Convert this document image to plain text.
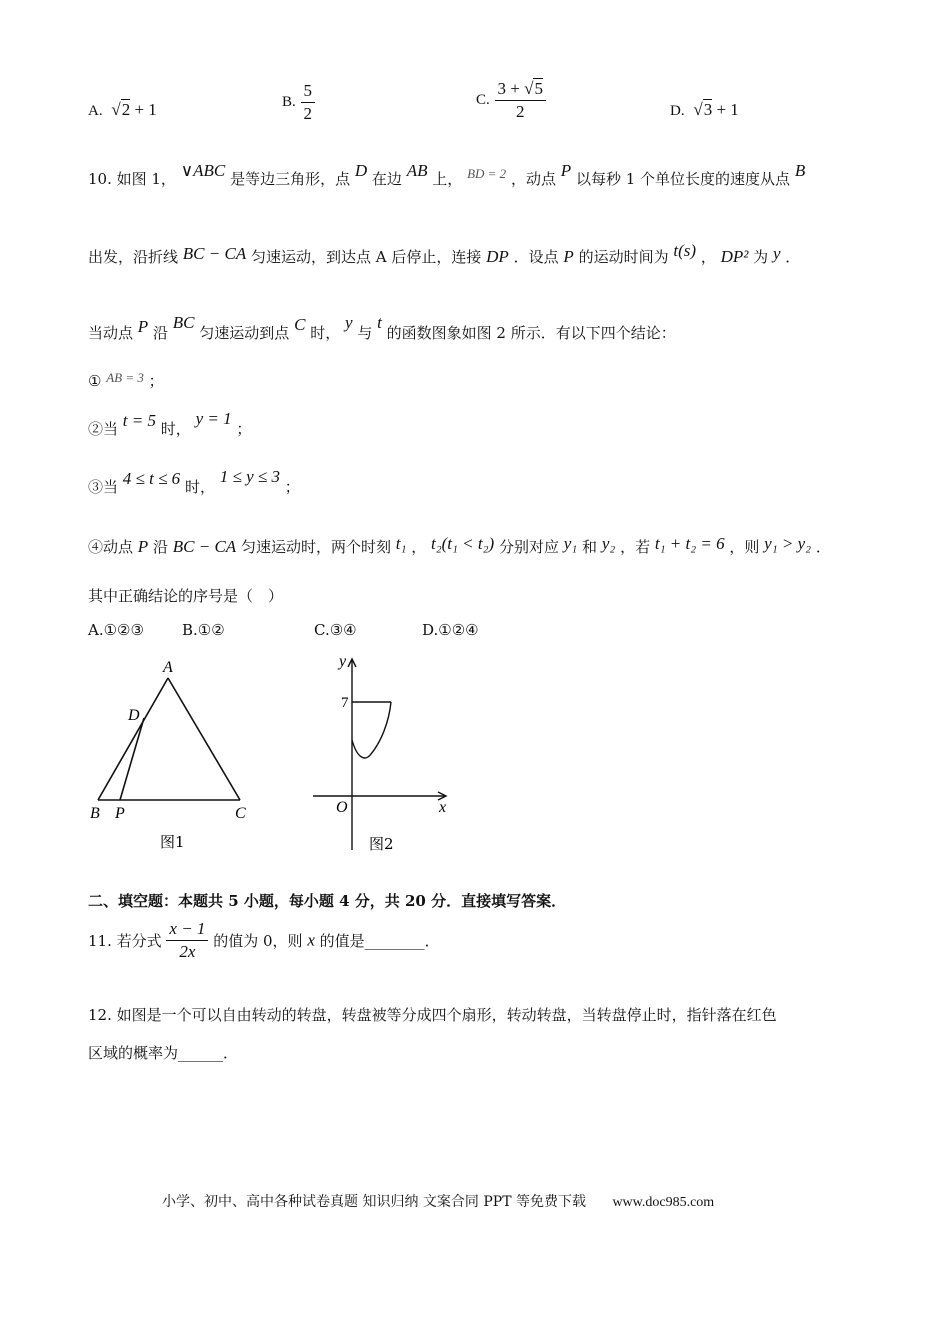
A. √2 + 1	B. $\frac{5}{2}$	C. $\frac{3 + √5}{2}$	D. √3 + 1
10. 如图 1， ∨ABC 是等边三角形，点 D 在边 AB 上， BD = 2 ，动点 P 以每秒 1 个单位长度的速度从点 B
出发，沿折线 BC − CA 匀速运动，到达点 A 后停止，连接 DP ．设点 P 的运动时间为 t(s) ， DP² 为 y ．
当动点 P 沿 BC 匀速运动到点 C 时， y 与 t 的函数图象如图 2 所示．有以下四个结论：
① AB = 3 ；
②当 t = 5 时， y = 1 ；
③当 4 ≤ t ≤ 6 时， 1 ≤ y ≤ 3 ；
④动点 P 沿 BC − CA 匀速运动时，两个时刻 t₁ ， t₂(t₁ < t₂) 分别对应 y₁ 和 y₂ ，若 t₁ + t₂ = 6 ，则 y₁ > y₂ ．
其中正确结论的序号是（　）
A.①②③	B.①②	C.③④	D.①②④
A
D
B P	C
图1
y
7
O	x
图2
二、填空题：本题共 5 小题，每小题 4 分，共 20 分．直接填写答案．
11. 若分式 $\frac{x - 1}{2x}$ 的值为 0，则 x 的值是________．
12. 如图是一个可以自由转动的转盘，转盘被等分成四个扇形，转动转盘，当转盘停止时，指针落在红色
区域的概率为______．
小学、初中、高中各种试卷真题 知识归纳 文案合同 PPT 等免费下载 www.doc985.com
